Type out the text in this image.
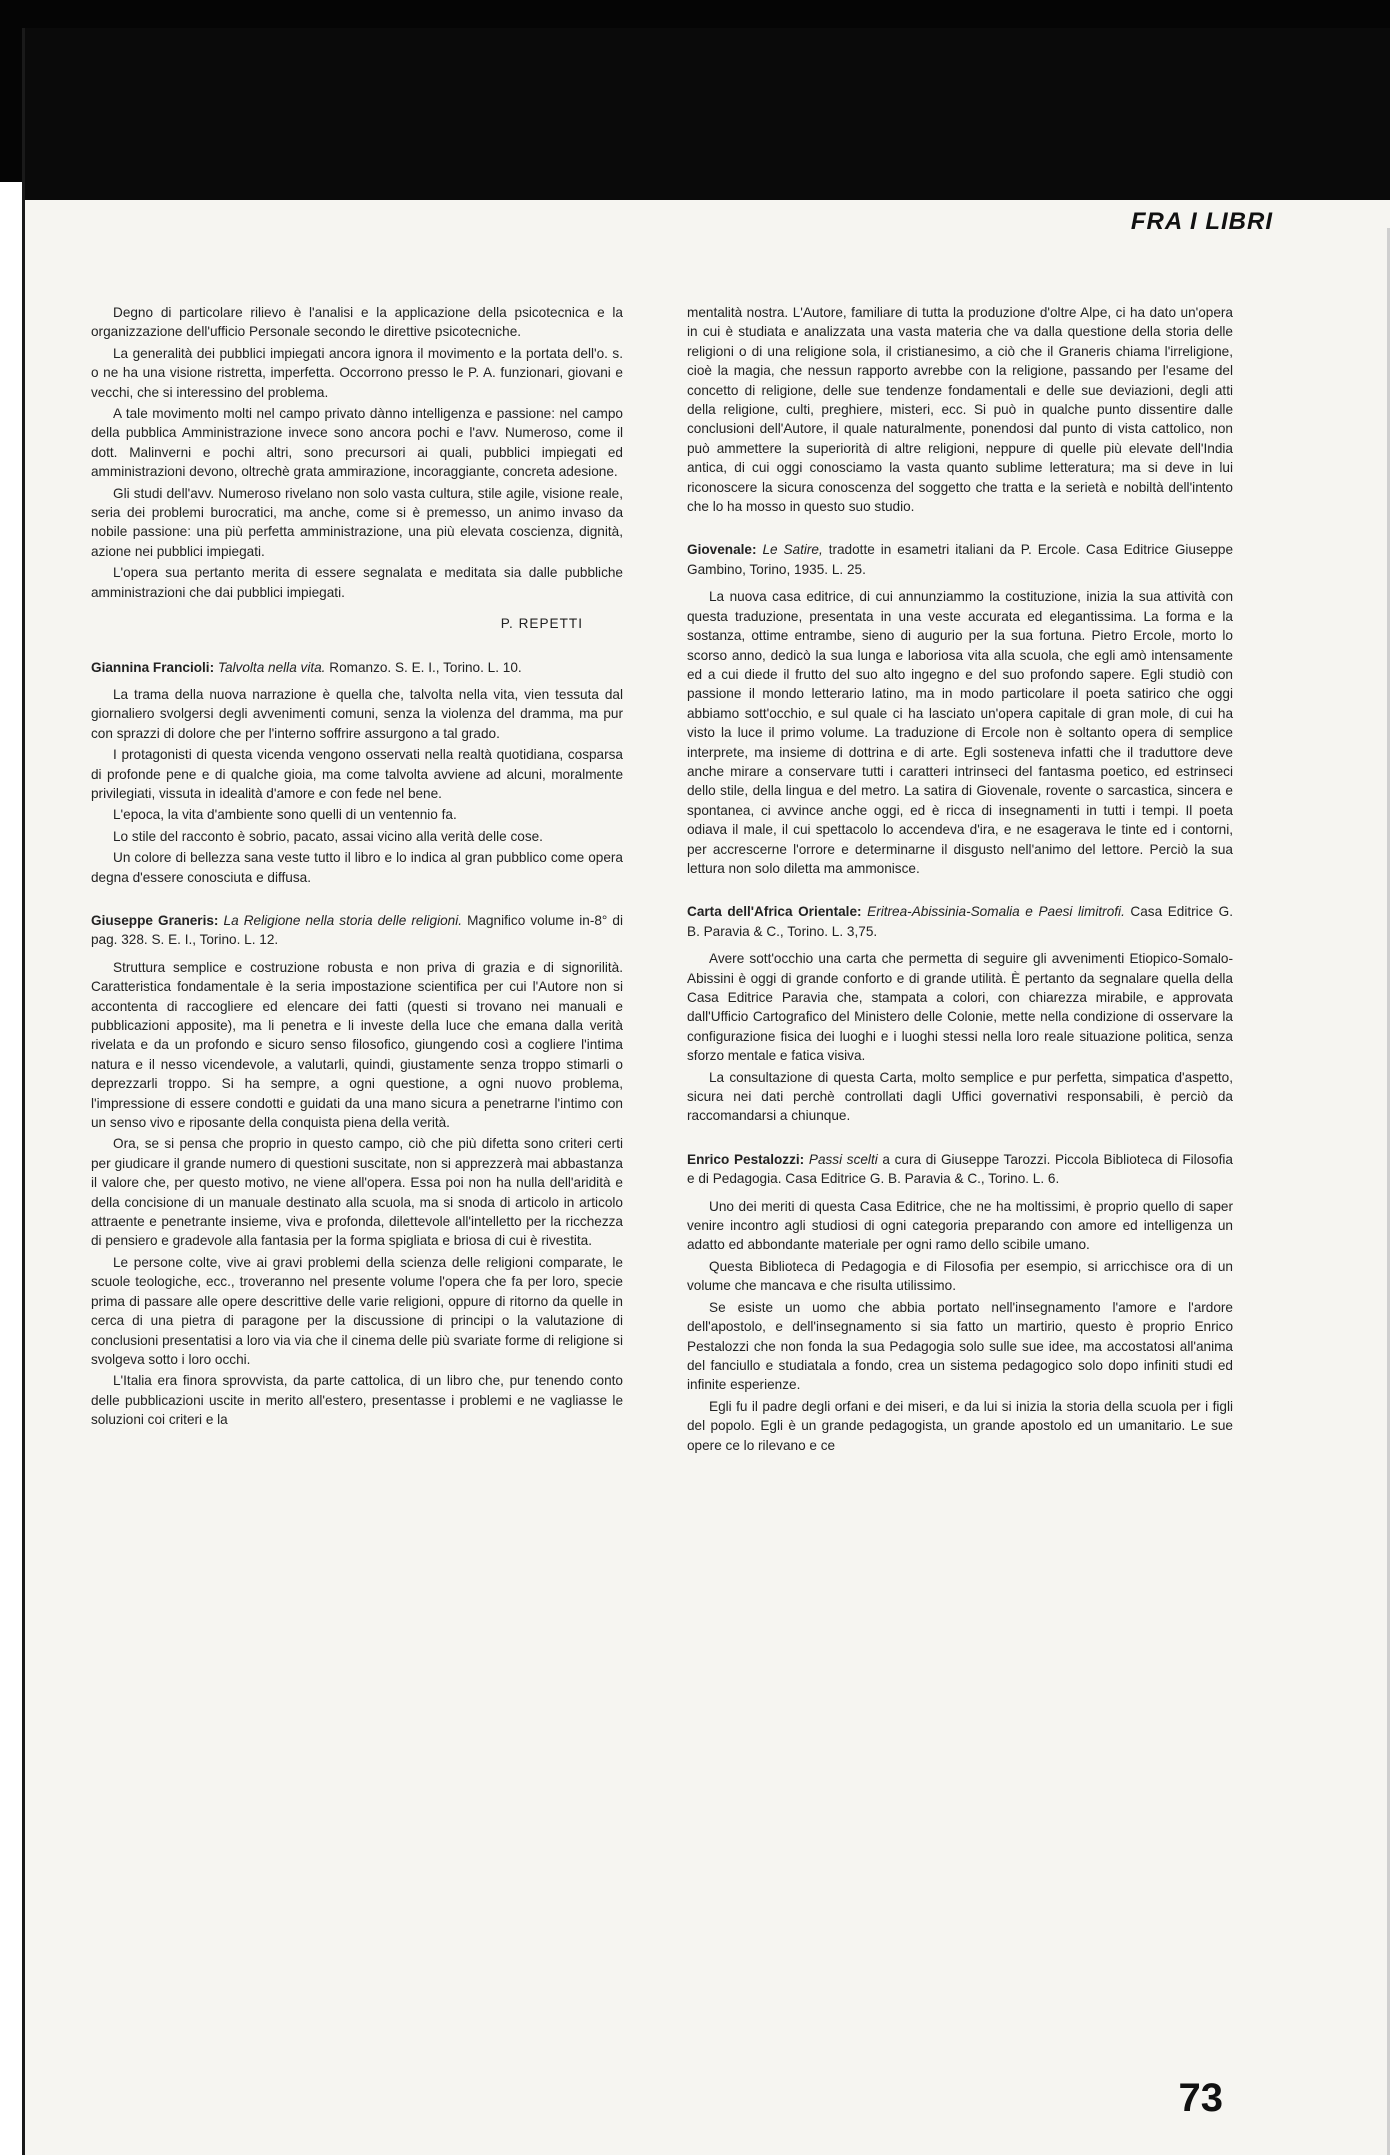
FRA I LIBRI

Degno di particolare rilievo è l'analisi e la applicazione della psicotecnica e la organizzazione dell'ufficio Personale secondo le direttive psicotecniche.

La generalità dei pubblici impiegati ancora ignora il movimento e la portata dell'o. s. o ne ha una visione ristretta, imperfetta. Occorrono presso le P. A. funzionari, giovani e vecchi, che si interessino del problema.

A tale movimento molti nel campo privato dànno intelligenza e passione: nel campo della pubblica Amministrazione invece sono ancora pochi e l'avv. Numeroso, come il dott. Malinverni e pochi altri, sono precursori ai quali, pubblici impiegati ed amministrazioni devono, oltrechè grata ammirazione, incoraggiante, concreta adesione.

Gli studi dell'avv. Numeroso rivelano non solo vasta cultura, stile agile, visione reale, seria dei problemi burocratici, ma anche, come si è premesso, un animo invaso da nobile passione: una più perfetta amministrazione, una più elevata coscienza, dignità, azione nei pubblici impiegati.

L'opera sua pertanto merita di essere segnalata e meditata sia dalle pubbliche amministrazioni che dai pubblici impiegati.

P. REPETTI

Giannina Francioli: Talvolta nella vita. Romanzo. S. E. I., Torino. L. 10.

La trama della nuova narrazione è quella che, talvolta nella vita, vien tessuta dal giornaliero svolgersi degli avvenimenti comuni, senza la violenza del dramma, ma pur con sprazzi di dolore che per l'interno soffrire assurgono a tal grado.

I protagonisti di questa vicenda vengono osservati nella realtà quotidiana, cosparsa di profonde pene e di qualche gioia, ma come talvolta avviene ad alcuni, moralmente privilegiati, vissuta in idealità d'amore e con fede nel bene.

L'epoca, la vita d'ambiente sono quelli di un ventennio fa.

Lo stile del racconto è sobrio, pacato, assai vicino alla verità delle cose.

Un colore di bellezza sana veste tutto il libro e lo indica al gran pubblico come opera degna d'essere conosciuta e diffusa.

Giuseppe Graneris: La Religione nella storia delle religioni. Magnifico volume in-8° di pag. 328. S. E. I., Torino. L. 12.

Struttura semplice e costruzione robusta e non priva di grazia e di signorilità. Caratteristica fondamentale è la seria impostazione scientifica per cui l'Autore non si accontenta di raccogliere ed elencare dei fatti (questi si trovano nei manuali e pubblicazioni apposite), ma li penetra e li investe della luce che emana dalla verità rivelata e da un profondo e sicuro senso filosofico, giungendo così a cogliere l'intima natura e il nesso vicendevole, a valutarli, quindi, giustamente senza troppo stimarli o deprezzarli troppo. Si ha sempre, a ogni questione, a ogni nuovo problema, l'impressione di essere condotti e guidati da una mano sicura a penetrarne l'intimo con un senso vivo e riposante della conquista piena della verità.

Ora, se si pensa che proprio in questo campo, ciò che più difetta sono criteri certi per giudicare il grande numero di questioni suscitate, non si apprezzerà mai abbastanza il valore che, per questo motivo, ne viene all'opera. Essa poi non ha nulla dell'aridità e della concisione di un manuale destinato alla scuola, ma si snoda di articolo in articolo attraente e penetrante insieme, viva e profonda, dilettevole all'intelletto per la ricchezza di pensiero e gradevole alla fantasia per la forma spigliata e briosa di cui è rivestita.

Le persone colte, vive ai gravi problemi della scienza delle religioni comparate, le scuole teologiche, ecc., troveranno nel presente volume l'opera che fa per loro, specie prima di passare alle opere descrittive delle varie religioni, oppure di ritorno da quelle in cerca di una pietra di paragone per la discussione di principi o la valutazione di conclusioni presentatisi a loro via via che il cinema delle più svariate forme di religione si svolgeva sotto i loro occhi.

L'Italia era finora sprovvista, da parte cattolica, di un libro che, pur tenendo conto delle pubblicazioni uscite in merito all'estero, presentasse i problemi e ne vagliasse le soluzioni coi criteri e la

mentalità nostra. L'Autore, familiare di tutta la produzione d'oltre Alpe, ci ha dato un'opera in cui è studiata e analizzata una vasta materia che va dalla questione della storia delle religioni o di una religione sola, il cristianesimo, a ciò che il Graneris chiama l'irreligione, cioè la magia, che nessun rapporto avrebbe con la religione, passando per l'esame del concetto di religione, delle sue tendenze fondamentali e delle sue deviazioni, degli atti della religione, culti, preghiere, misteri, ecc. Si può in qualche punto dissentire dalle conclusioni dell'Autore, il quale naturalmente, ponendosi dal punto di vista cattolico, non può ammettere la superiorità di altre religioni, neppure di quelle più elevate dell'India antica, di cui oggi conosciamo la vasta quanto sublime letteratura; ma si deve in lui riconoscere la sicura conoscenza del soggetto che tratta e la serietà e nobiltà dell'intento che lo ha mosso in questo suo studio.

Giovenale: Le Satire, tradotte in esametri italiani da P. Ercole. Casa Editrice Giuseppe Gambino, Torino, 1935. L. 25.

La nuova casa editrice, di cui annunziammo la costituzione, inizia la sua attività con questa traduzione, presentata in una veste accurata ed elegantissima. La forma e la sostanza, ottime entrambe, sieno di augurio per la sua fortuna. Pietro Ercole, morto lo scorso anno, dedicò la sua lunga e laboriosa vita alla scuola, che egli amò intensamente ed a cui diede il frutto del suo alto ingegno e del suo profondo sapere. Egli studiò con passione il mondo letterario latino, ma in modo particolare il poeta satirico che oggi abbiamo sott'occhio, e sul quale ci ha lasciato un'opera capitale di gran mole, di cui ha visto la luce il primo volume. La traduzione di Ercole non è soltanto opera di semplice interprete, ma insieme di dottrina e di arte. Egli sosteneva infatti che il traduttore deve anche mirare a conservare tutti i caratteri intrinseci del fantasma poetico, ed estrinseci dello stile, della lingua e del metro. La satira di Giovenale, rovente o sarcastica, sincera e spontanea, ci avvince anche oggi, ed è ricca di insegnamenti in tutti i tempi. Il poeta odiava il male, il cui spettacolo lo accendeva d'ira, e ne esagerava le tinte ed i contorni, per accrescerne l'orrore e determinarne il disgusto nell'animo del lettore. Perciò la sua lettura non solo diletta ma ammonisce.

Carta dell'Africa Orientale: Eritrea-Abissinia-Somalia e Paesi limitrofi. Casa Editrice G. B. Paravia & C., Torino. L. 3,75.

Avere sott'occhio una carta che permetta di seguire gli avvenimenti Etiopico-Somalo-Abissini è oggi di grande conforto e di grande utilità. È pertanto da segnalare quella della Casa Editrice Paravia che, stampata a colori, con chiarezza mirabile, e approvata dall'Ufficio Cartografico del Ministero delle Colonie, mette nella condizione di osservare la configurazione fisica dei luoghi e i luoghi stessi nella loro reale situazione politica, senza sforzo mentale e fatica visiva.

La consultazione di questa Carta, molto semplice e pur perfetta, simpatica d'aspetto, sicura nei dati perchè controllati dagli Uffici governativi responsabili, è perciò da raccomandarsi a chiunque.

Enrico Pestalozzi: Passi scelti a cura di Giuseppe Tarozzi. Piccola Biblioteca di Filosofia e di Pedagogia. Casa Editrice G. B. Paravia & C., Torino. L. 6.

Uno dei meriti di questa Casa Editrice, che ne ha moltissimi, è proprio quello di saper venire incontro agli studiosi di ogni categoria preparando con amore ed intelligenza un adatto ed abbondante materiale per ogni ramo dello scibile umano.

Questa Biblioteca di Pedagogia e di Filosofia per esempio, si arricchisce ora di un volume che mancava e che risulta utilissimo.

Se esiste un uomo che abbia portato nell'insegnamento l'amore e l'ardore dell'apostolo, e dell'insegnamento si sia fatto un martirio, questo è proprio Enrico Pestalozzi che non fonda la sua Pedagogia solo sulle sue idee, ma accostatosi all'anima del fanciullo e studiatala a fondo, crea un sistema pedagogico solo dopo infiniti studi ed infinite esperienze.

Egli fu il padre degli orfani e dei miseri, e da lui si inizia la storia della scuola per i figli del popolo. Egli è un grande pedagogista, un grande apostolo ed un umanitario. Le sue opere ce lo rilevano e ce

73
